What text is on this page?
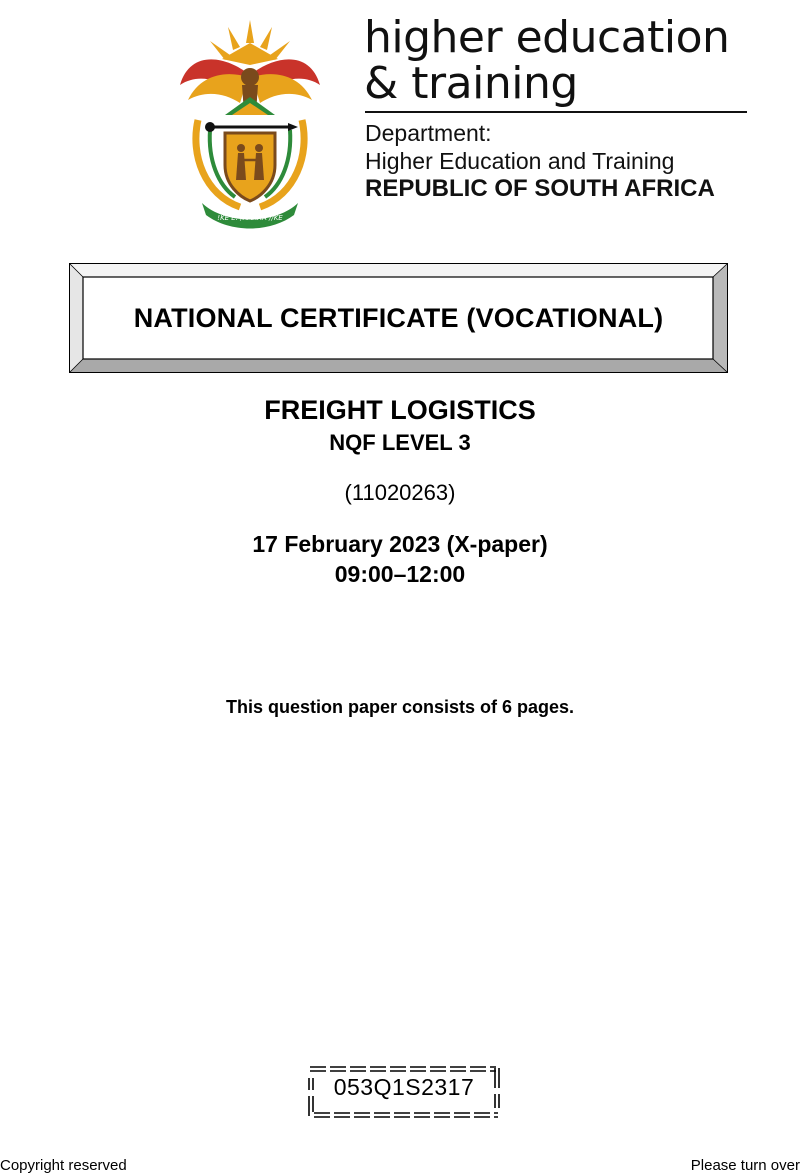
!KE E: /XARRA //KE
higher education
& training
Department:
Higher Education and Training
REPUBLIC OF SOUTH AFRICA
NATIONAL CERTIFICATE (VOCATIONAL)
FREIGHT LOGISTICS
NQF LEVEL 3
(11020263)
17 February 2023 (X-paper)
09:00–12:00
This question paper consists of 6 pages.
053Q1S2317
Copyright reserved	Please turn over
